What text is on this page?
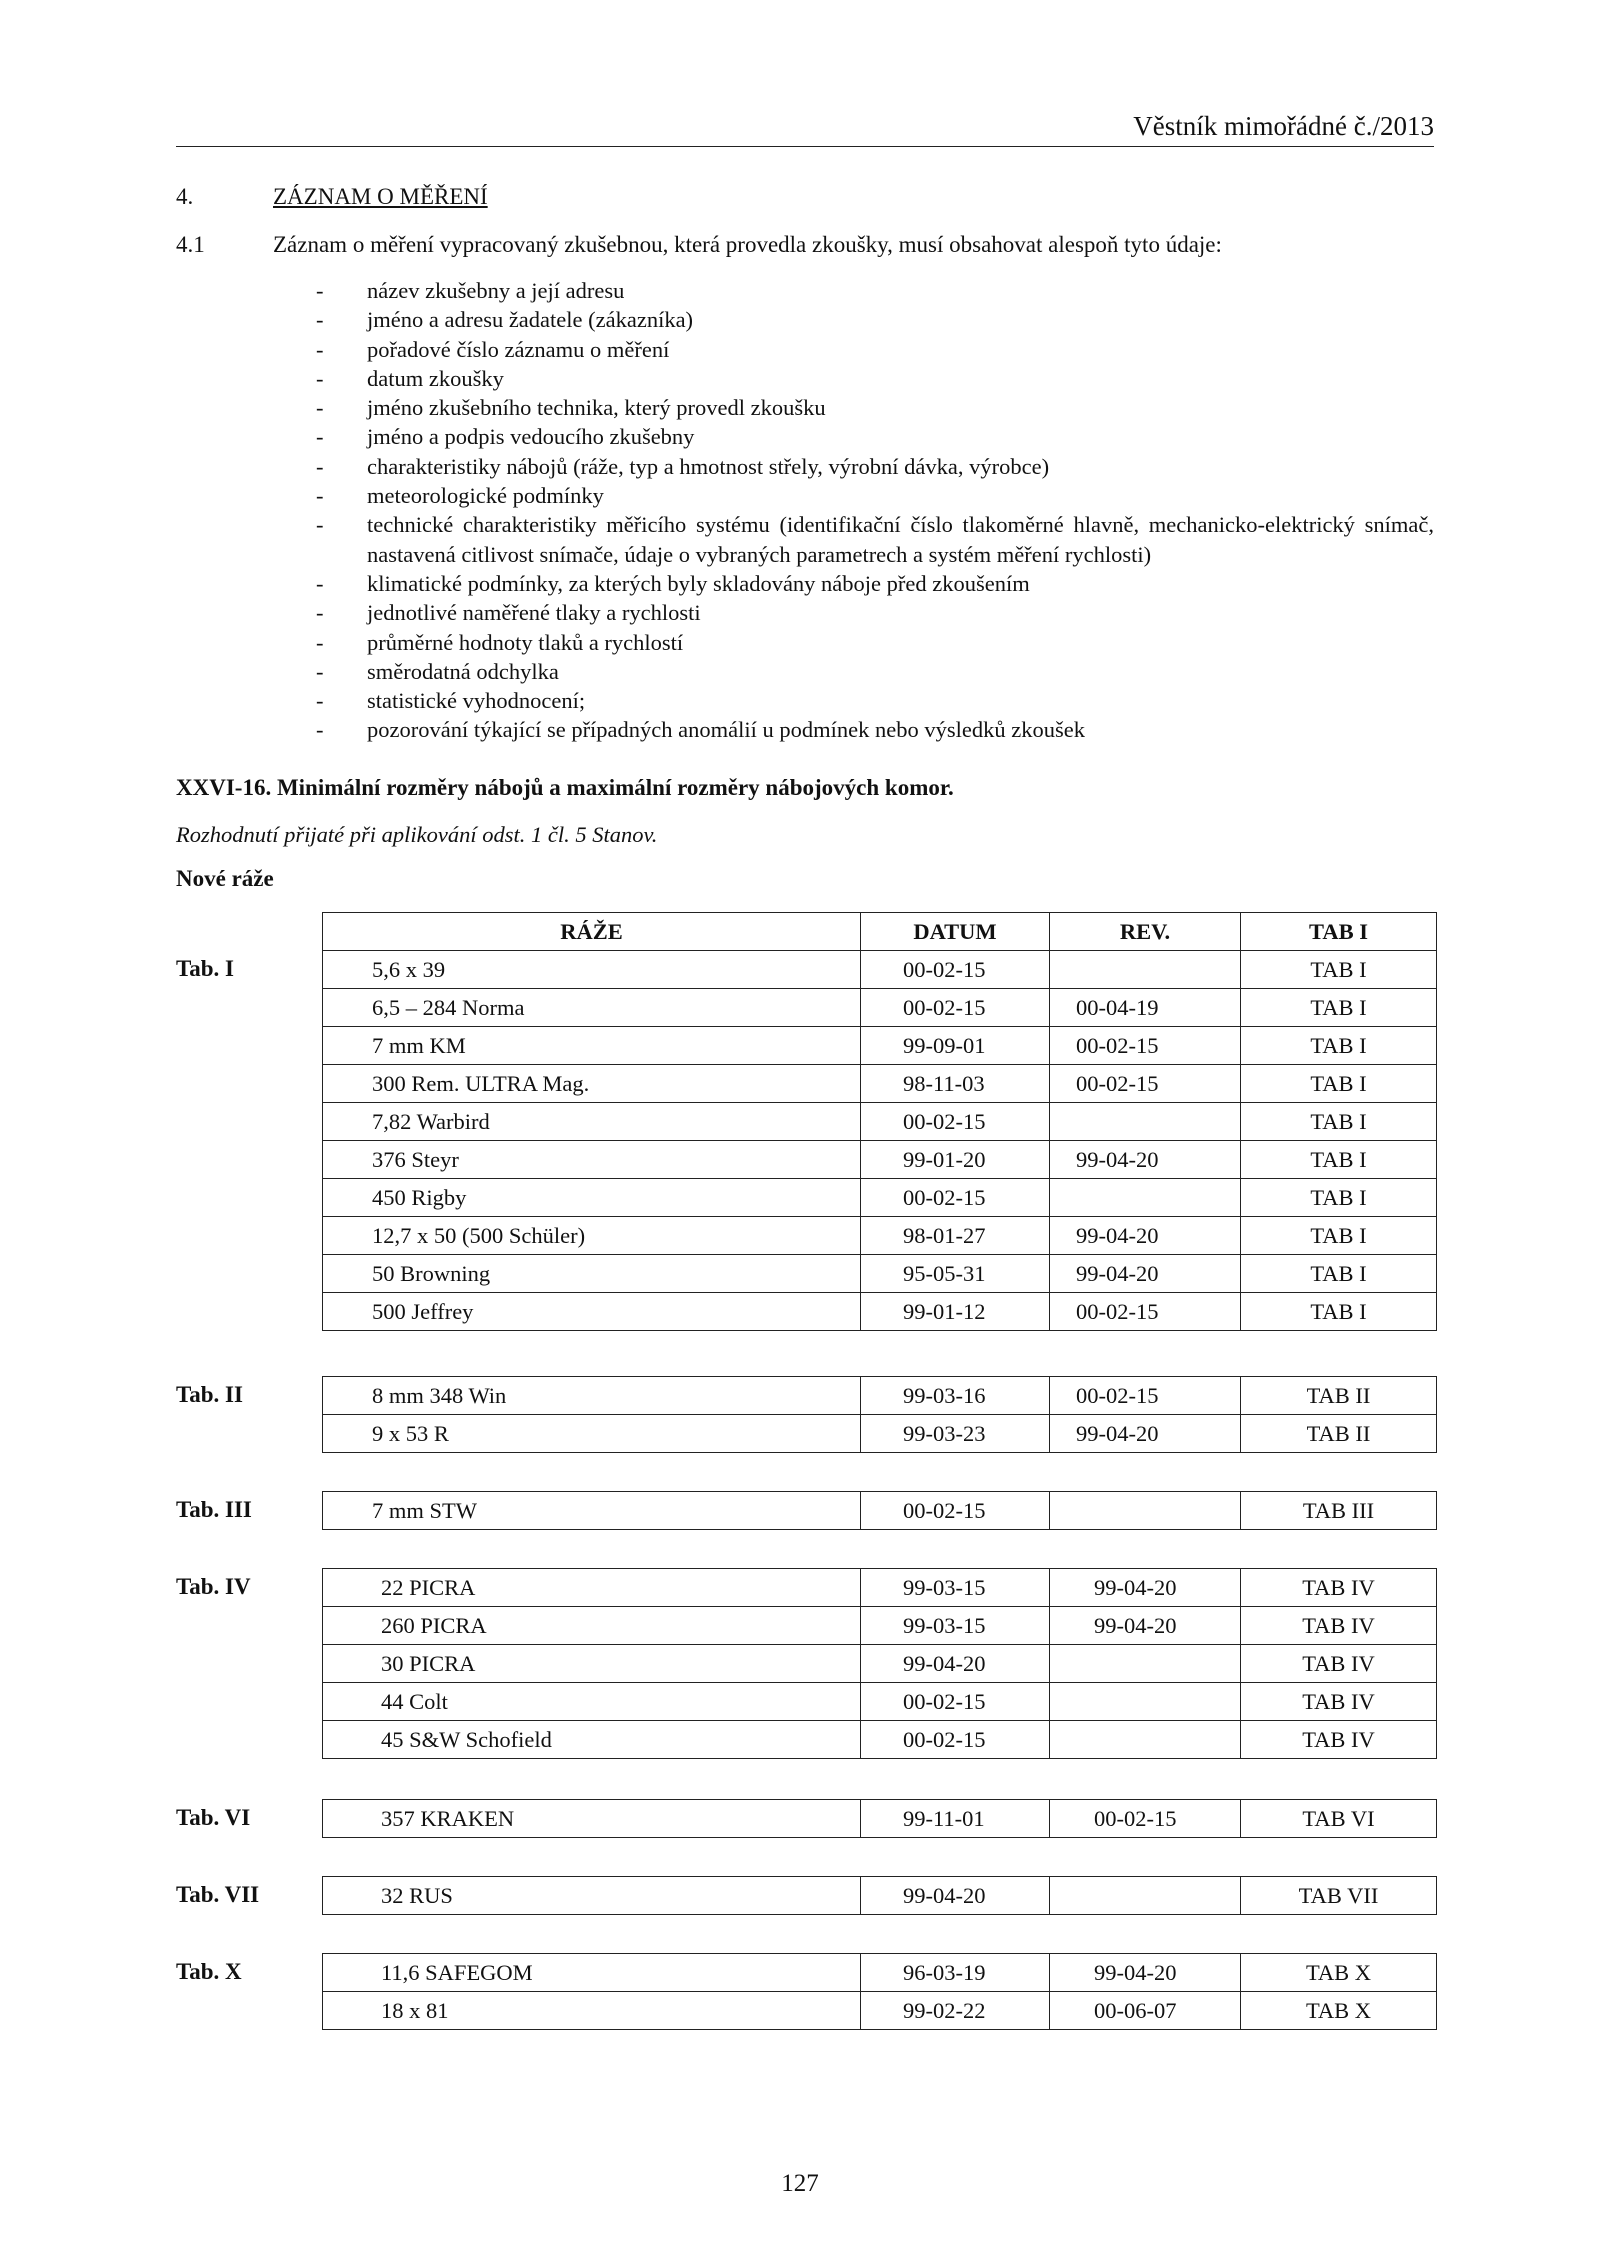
Věstník mimořádné č./2013
4.	ZÁZNAM O MĚŘENÍ
4.1	Záznam o měření vypracovaný zkušebnou, která provedla zkoušky, musí obsahovat alespoň tyto údaje:
- název zkušebny a její adresu
- jméno a adresu žadatele (zákazníka)
- pořadové číslo záznamu o měření
- datum zkoušky
- jméno zkušebního technika, který provedl zkoušku
- jméno a podpis vedoucího zkušebny
- charakteristiky nábojů (ráže, typ a hmotnost střely, výrobní dávka, výrobce)
- meteorologické podmínky
- technické charakteristiky měřicího systému (identifikační číslo tlakoměrné hlavně, mechanicko-elektrický snímač, nastavená citlivost snímače, údaje o vybraných parametrech a systém měření rychlosti)
- klimatické podmínky, za kterých byly skladovány náboje před zkoušením
- jednotlivé naměřené tlaky a rychlosti
- průměrné hodnoty tlaků a rychlostí
- směrodatná odchylka
- statistické vyhodnocení;
- pozorování týkající se případných anomálií u podmínek nebo výsledků zkoušek
XXVI-16. Minimální rozměry nábojů a maximální rozměry nábojových komor.
Rozhodnutí přijaté při aplikování odst. 1 čl. 5 Stanov.
Nové ráže
Tab. I
RÁŽE	DATUM	REV.	TAB I
5,6 x 39	00-02-15		TAB I
6,5 – 284 Norma	00-02-15	00-04-19	TAB I
7 mm KM	99-09-01	00-02-15	TAB I
300 Rem. ULTRA Mag.	98-11-03	00-02-15	TAB I
7,82 Warbird	00-02-15		TAB I
376 Steyr	99-01-20	99-04-20	TAB I
450 Rigby	00-02-15		TAB I
12,7 x 50 (500 Schüler)	98-01-27	99-04-20	TAB I
50 Browning	95-05-31	99-04-20	TAB I
500 Jeffrey	99-01-12	00-02-15	TAB I
Tab. II	8 mm 348 Win	99-03-16	00-02-15	TAB II
9 x 53 R	99-03-23	99-04-20	TAB II
Tab. III	7 mm STW	00-02-15		TAB III
Tab. IV	22 PICRA	99-03-15	99-04-20	TAB IV
260 PICRA	99-03-15	99-04-20	TAB IV
30 PICRA	99-04-20		TAB IV
44 Colt	00-02-15		TAB IV
45 S&W Schofield	00-02-15		TAB IV
Tab. VI	357 KRAKEN	99-11-01	00-02-15	TAB VI
Tab. VII	32 RUS	99-04-20		TAB VII
Tab. X	11,6 SAFEGOM	96-03-19	99-04-20	TAB X
18 x 81	99-02-22	00-06-07	TAB X
127
